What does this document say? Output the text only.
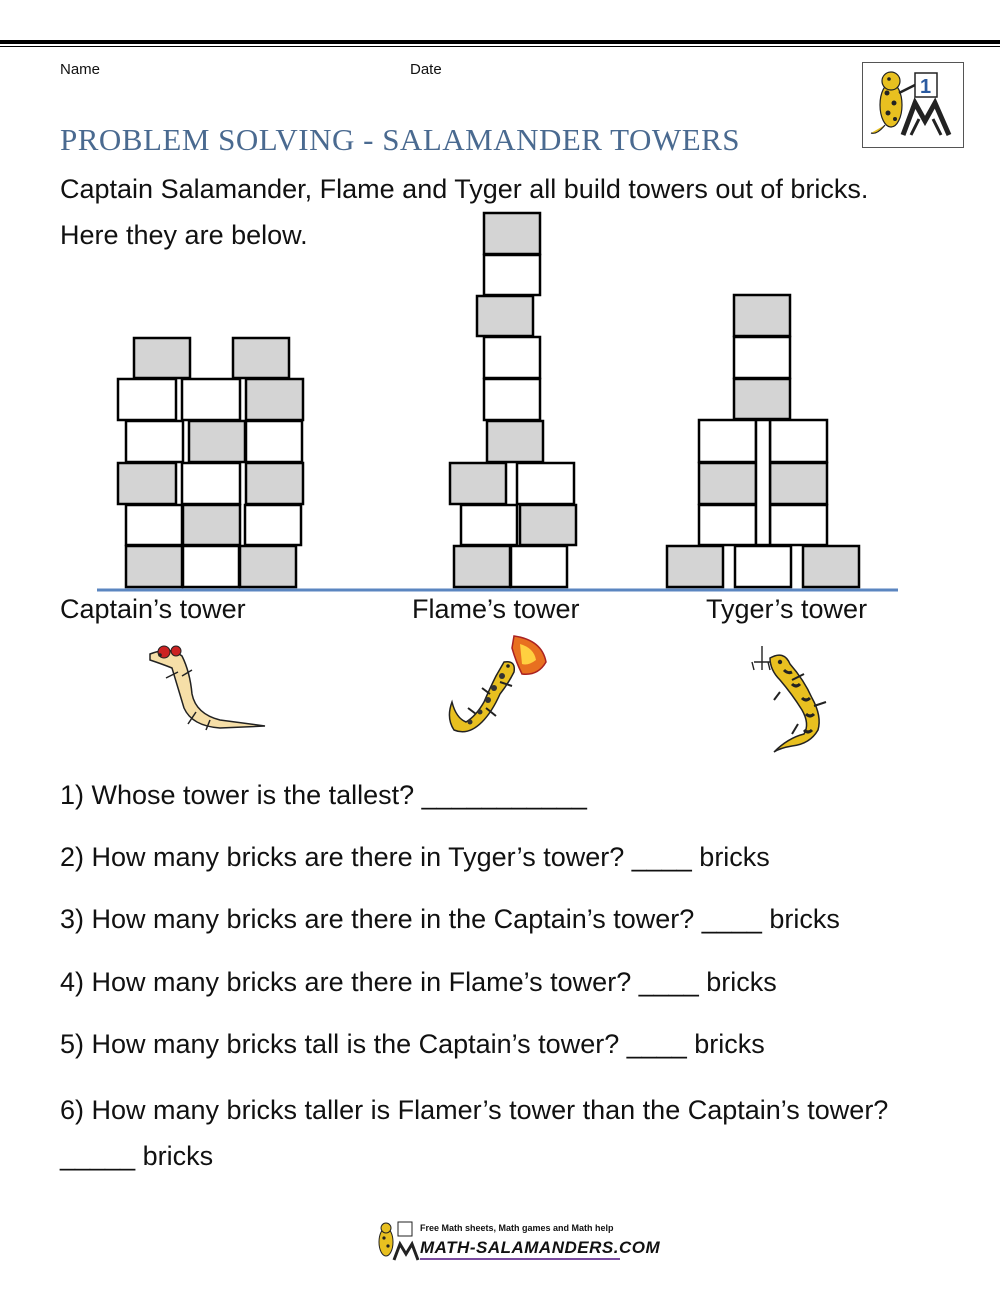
Name	Date
1
PROBLEM SOLVING - SALAMANDER TOWERS
Captain Salamander, Flame and Tyger all build towers out of bricks. Here they are below.
Captain’s tower	Flame’s tower	Tyger’s tower
1) Whose tower is the tallest? ___________
2) How many bricks are there in Tyger’s tower? ____ bricks
3) How many bricks are there in the Captain’s tower? ____ bricks
4) How many bricks are there in Flame’s tower? ____ bricks
5) How many bricks tall is the Captain’s tower? ____ bricks
6) How many bricks taller is Flamer’s tower than the Captain’s tower? _____ bricks
Free Math sheets, Math games and Math help
MATH-SALAMANDERS.COM
